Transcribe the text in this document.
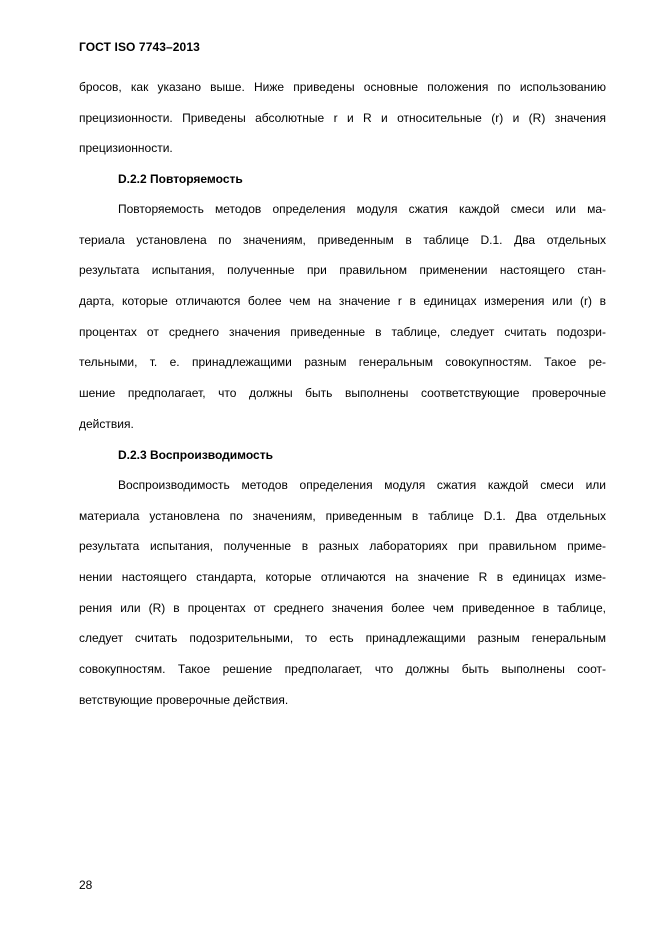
ГОСТ ISO 7743–2013
бросов, как указано выше. Ниже приведены основные положения по использованию
прецизионности. Приведены абсолютные r и R и относительные (r) и (R) значения
прецизионности.
D.2.2 Повторяемость
Повторяемость методов определения модуля сжатия каждой смеси или ма-
териала установлена по значениям, приведенным в таблице D.1. Два отдельных
результата испытания, полученные при правильном применении настоящего стан-
дарта, которые отличаются более чем на значение r в единицах измерения или (r) в
процентах от среднего значения приведенные в таблице, следует считать подозри-
тельными, т. е. принадлежащими разным генеральным совокупностям. Такое ре-
шение предполагает, что должны быть выполнены соответствующие проверочные
действия.
D.2.3 Воспроизводимость
Воспроизводимость методов определения модуля сжатия каждой смеси или
материала установлена по значениям, приведенным в таблице D.1. Два отдельных
результата испытания, полученные в разных лабораториях при правильном приме-
нении настоящего стандарта, которые отличаются на значение R в единицах изме-
рения или (R) в процентах от среднего значения более чем приведенное в таблице,
следует считать подозрительными, то есть принадлежащими разным генеральным
совокупностям. Такое решение предполагает, что должны быть выполнены соот-
ветствующие проверочные действия.
28
